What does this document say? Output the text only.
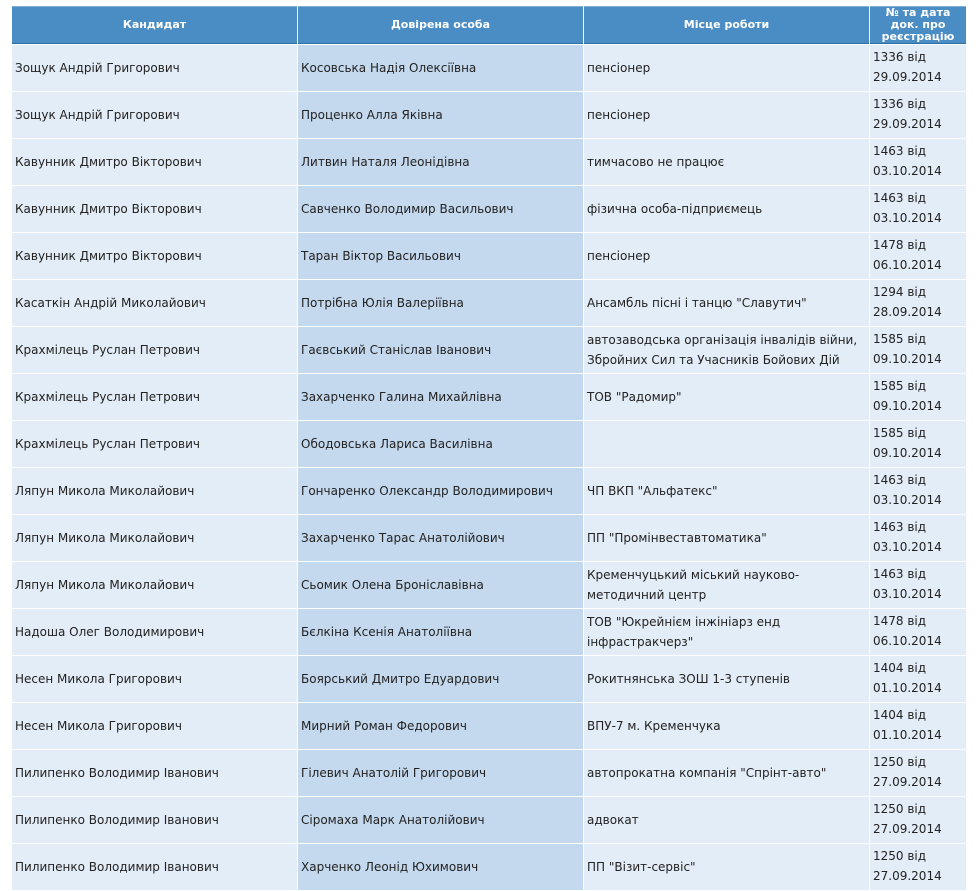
Кандидат	Довірена особа	Місце роботи	№ та дата док. про реєстрацію
Зощук Андрій Григорович	Косовська Надія Олексіївна	пенсіонер	1336 від
29.09.2014

Зощук Андрій Григорович	Проценко Алла Яківна	пенсіонер	1336 від
29.09.2014

Кавунник Дмитро Вікторович	Литвин Наталя Леонідівна	тимчасово не працює	1463 від
03.10.2014

Кавунник Дмитро Вікторович	Савченко Володимир Васильович	фізична особа-підприємець	1463 від
03.10.2014

Кавунник Дмитро Вікторович	Таран Віктор Васильович	пенсіонер	1478 від
06.10.2014

Касаткін Андрій Миколайович	Потрібна Юлія Валеріївна	Ансамбль пісні і танцю "Славутич"	1294 від
28.09.2014

Крахмілець Руслан Петрович	Гаєвський Станіслав Іванович	автозаводська організація інвалідів війни, Збройних Сил та Учасників Бойових Дій	1585 від
09.10.2014

Крахмілець Руслан Петрович	Захарченко Галина Михайлівна	ТОВ "Радомир"	1585 від
09.10.2014

Крахмілець Руслан Петрович	Ободовська Лариса Василівна		1585 від
09.10.2014

Ляпун Микола Миколайович	Гончаренко Олександр Володимирович	ЧП ВКП "Альфатекс"	1463 від
03.10.2014

Ляпун Микола Миколайович	Захарченко Тарас Анатолійович	ПП "Промінвеставтоматика"	1463 від
03.10.2014

Ляпун Микола Миколайович	Сьомик Олена Броніславівна	Кременчуцький міський науково-методичний центр	1463 від
03.10.2014

Надоша Олег Володимирович	Бєлкіна Ксенія Анатоліївна	ТОВ "Юкрейнієм інжініарз енд інфрастракчерз"	1478 від
06.10.2014

Несен Микола Григорович	Боярський Дмитро Едуардович	Рокитнянська ЗОШ 1-3 ступенів	1404 від
01.10.2014

Несен Микола Григорович	Мирний Роман Федорович	ВПУ-7 м. Кременчука	1404 від
01.10.2014

Пилипенко Володимир Іванович	Гілевич Анатолій Григорович	автопрокатна компанія "Спрінт-авто"	1250 від
27.09.2014

Пилипенко Володимир Іванович	Сіромаха Марк Анатолійович	адвокат	1250 від
27.09.2014

Пилипенко Володимир Іванович	Харченко Леонід Юхимович	ПП "Візит-сервіс"	1250 від
27.09.2014
